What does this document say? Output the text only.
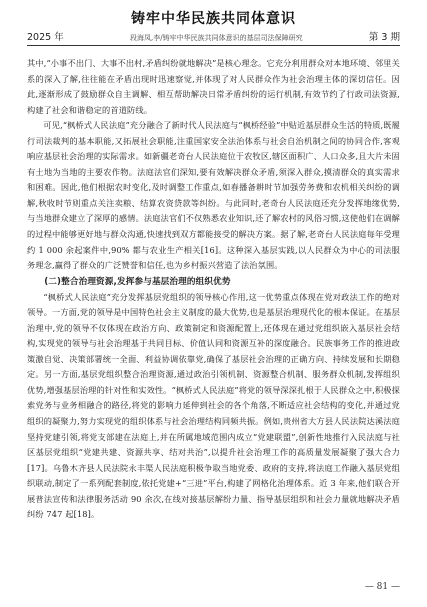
铸牢中华民族共同体意识
2025 年	段海凤,李/铸牢中华民族共同体意识的基层司法保障研究	第 3 期

其中,“小事不出门、大事不出村,矛盾纠纷就地解决”是核心理念。它充分利用群众对本地环境、邻里关系的深入了解,往往能在矛盾出现时迅速察觉,并体现了对人民群众作为社会治理主体的深切信任。因此,逐渐形成了鼓励群众自主调解、相互帮助解决日常矛盾纠纷的运行机制,有效节约了行政司法资源,构建了社会和谐稳定的首道防线。

可见,“枫桥式人民法庭”充分融合了新时代人民法庭与“枫桥经验”中贴近基层群众生活的特质,既履行司法裁判的基本职能,又拓展社会职能,注重国家安全法治体系与社会自治机制之间的协同合作,客观响应基层社会治理的实际需求。如新疆老奇台人民法庭位于农牧区,辖区面积广、人口众多,且大片未固有土地为当地的主要农作物。法庭法官们深知,要有效解决群众矛盾,须深入群众,摸清群众的真实需求和困难。因此,他们根据农时变化,及时调整工作重点,如春播备耕时节加强劳务费和农机相关纠纷的调解,秋收时节则重点关注卖粮、结算农资贷款等纠纷。与此同时,老奇台人民法庭还充分发挥地缘优势,与当地群众建立了深厚的感情。法庭法官们不仅熟悉农业知识,还了解农村的风俗习惯,这使他们在调解的过程中能够更好地与群众沟通,快速找到双方都能接受的解决方案。据了解,老奇台人民法庭每年受理约 1 000 余起案件中,90% 都与农业生产相关[16]。这种深入基层实践,以人民群众为中心的司法服务理念,赢得了群众的广泛赞誉和信任,也为乡村振兴营造了法治氛围。

(二)整合治理资源,发挥参与基层治理的组织优势

“枫桥式人民法庭”充分发挥基层党组织的领导核心作用,这一优势重点体现在党对政法工作的绝对领导。一方面,党的领导是中国特色社会主义制度的最大优势,也是基层治理现代化的根本保证。在基层治理中,党的领导不仅体现在政治方向、政策制定和资源配置上,还体现在通过党组织嵌入基层社会结构,实现党的领导与社会治理基于共同目标、价值认同和资源互补的深度融合。民族事务工作的推进政策激自觉、决策部署统一全面、利益协调依靠党,确保了基层社会治理的正确方向、持续发展和长期稳定。另一方面,基层党组织整合治理资源,通过政治引领机制、资源整合机制、服务群众机制,发挥组织优势,增强基层治理的针对性和实效性。“枫桥式人民法庭”将党的领导深深扎根于人民群众之中,积极探索党务与业务相融合的路径,将党的影响力延伸到社会的各个角落,不断适应社会结构的变化,并通过党组织的凝聚力,努力实现党的组织体系与社会治理结构同频共振。例如,贵州省大方县人民法院达溪法庭坚持党建引领,将党支部建在法庭上,并在所属地域范围内成立“党建联盟”,创新性地推行入民法庭与社区基层党组织“党建共建、资源共享、结对共治”,以提升社会治理工作的高质量发展凝聚了强大合力[17]。乌鲁木齐县人民法院永丰渠人民法庭积极争取当地党委、政府的支持,将法庭工作融入基层党组织联动,制定了一系列配套制度,依托党建+“三进”平台,构建了网格化治理体系。近 3 年来,他们联合开展普法宣传和法律服务活动 90 余次,在线对接基层解纷力量、指导基层组织和社会力量就地解决矛盾纠纷 747 起[18]。

— 81 —
